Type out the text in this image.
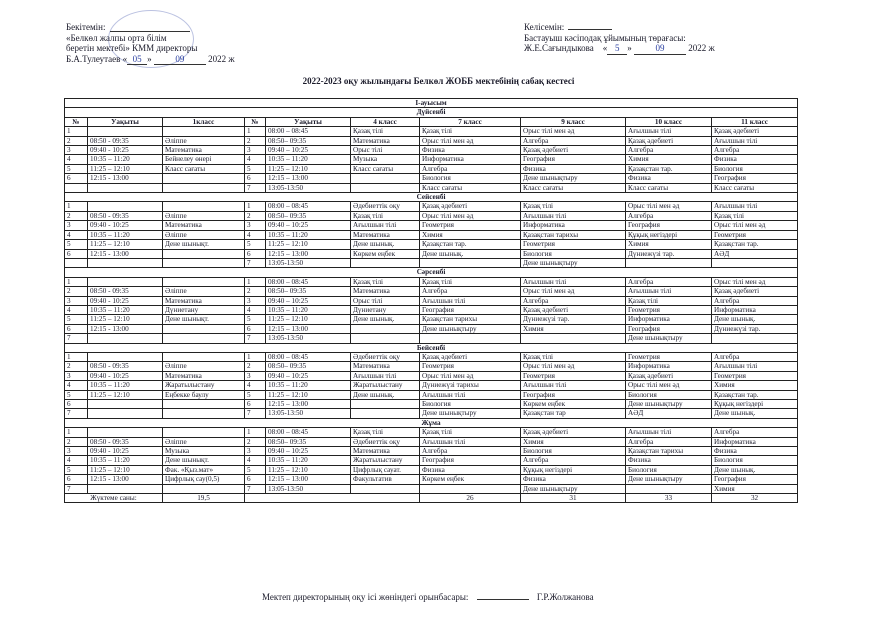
Бекітемін:
«Белкөл жалпы орта білім
беретін мектебі» КММ директоры
Б.А.Тулеутаев « 05 »	09	2022 ж
Келісемін:
Бастауыш кәсіподақ ұйымының төрағасы:
Ж.Е.Сағындыкова « 5 »	09	2022 ж
2022-2023 оқу жылындағы Белкөл ЖОББ мектебінің сабақ кестесі
І-ауысым										
Дүйсенбі										
№	Уақыты	1класс	№	Уақыты	4 класс	7 класс	9 класс	10 класс	11 класс	
1			1	08:00 – 08:45	Қазақ тілі	Қазақ тілі	Орыс тілі мен әд	Ағылшын тілі	Қазақ әдебиеті	
2	08:50 - 09:35	Әліппе	2	08:50– 09:35	Математика	Орыс тілі мен әд	Алгебра	Қазақ әдебиеті	Ағылшын тілі	
3	09:40 - 10:25	Математика	3	09:40 – 10:25	Орыс тілі	Физика	Қазақ әдебиеті	Алгебра	Алгебра	
4	10:35 – 11:20	Бейнелеу өнері	4	10:35 – 11:20	Музыка	Информатика	География	Химия	Физика	
5	11:25 – 12:10	Класс сағаты	5	11:25 – 12:10	Класс сағаты	Алгебра	Физика	Қазақстан тар.	Биология	
6	12:15 - 13:00		6	12:15 – 13:00		Биология	Дене шынықтыру	Физика	География	
			7	13:05-13:50		Класс сағаты	Класс сағаты	Класс сағаты	Класс сағаты	
Сейсенбі										
1			1	08:00 – 08:45	Әдебиеттік оқу	Қазақ әдебиеті	Қазақ тілі	Орыс тілі мен әд	Ағылшын тілі	
2	08:50 - 09:35	Әліппе	2	08:50– 09:35	Қазақ тілі	Орыс тілі мен әд	Ағылшын тілі	Алгебра	Қазақ тілі	
3	09:40 - 10:25	Математика	3	09:40 – 10:25	Ағылшын тілі	Геометрия	Информатика	География	Орыс тілі мен әд	
4	10:35 – 11:20	Әліппе	4	10:35 – 11:20	Математика	Химия	Қазақстан тарихы	Құқық негіздері	Геометрия	
5	11:25 – 12:10	Дене шынықт.	5	11:25 – 12:10	Дене шынық.	Қазақстан тар.	Геометрия	Химия	Қазақстан тар.	
6	12:15 - 13:00		6	12:15 – 13:00	Көркем еңбек	Дене шынық.	Биология	Дүниежүзі тар.	АӘД	
			7	13:05-13:50			Дене шынықтыру			
Сәрсенбі										
1			1	08:00 – 08:45	Қазақ тілі	Қазақ тілі	Ағылшын тілі	Алгебра	Орыс тілі мен әд	
2	08:50 - 09:35	Әліппе	2	08:50– 09:35	Математика	Алгебра	Орыс тілі мен әд	Ағылшын тілі	Қазақ әдебиеті	
3	09:40 - 10:25	Математика	3	09:40 – 10:25	Орыс тілі	Ағылшын тілі	Алгебра	Қазақ тілі	Алгебра	
4	10:35 – 11:20	Дүниетану	4	10:35 – 11:20	Дүниетану	География	Қазақ әдебиеті	Геометрия	Информатика	
5	11:25 – 12:10	Дене шынықт.	5	11:25 – 12:10	Дене шынық.	Қазақстан тарихы	Дүниежүзі тар.	Информатика	Дене шынық.	
6	12:15 - 13:00		6	12:15 – 13:00		Дене шынықтыру	Химия	География	Дүниежүзі тар.	
7			7	13:05-13:50				Дене шынықтыру		
Бейсенбі										
1			1	08:00 – 08:45	Әдебиеттік оқу	Қазақ әдебиеті	Қазақ тілі	Геометрия	Алгебра	
2	08:50 - 09:35	Әліппе	2	08:50– 09:35	Математика	Геометрия	Орыс тілі мен әд	Информатика	Ағылшын тілі	
3	09:40 - 10:25	Математика	3	09:40 – 10:25	Ағылшын тілі	Орыс тілі мен әд	Геометрия	Қазақ әдебиеті	Геометрия	
4	10:35 – 11:20	Жаратылыстану	4	10:35 – 11:20	Жаратылыстану	Дүниежүзі тарихы	Ағылшын тілі	Орыс тілі мен әд	Химия	
5	11:25 – 12:10	Еңбекке баулу	5	11:25 – 12:10	Дене шынық.	Ағылшын тілі	География	Биология	Қазақстан тар.	
6			6	12:15 – 13:00		Биология	Көркем еңбек	Дене шынықтыру	Құқық негіздері	
7			7	13:05-13:50		Дене шынықтыру	Қазақстан тар	АӘД	Дене шынық.	
Жұма										
1			1	08:00 – 08:45	Қазақ тілі	Қазақ тілі	Қазақ әдебиеті	Ағылшын тілі	Алгебра	
2	08:50 - 09:35	Әліппе	2	08:50– 09:35	Әдебиеттік оқу	Ағылшын тілі	Химия	Алгебра	Информатика	
3	09:40 - 10:25	Музыка	3	09:40 – 10:25	Математика	Алгебра	Биология	Қазақстан тарихы	Физика	
4	10:35 – 11:20	Дене шынықт.	4	10:35 – 11:20	Жаратылыстану	География	Алгебра	Физика	Биология	
5	11:25 – 12:10	Фак. «Қыз.мат»	5	11:25 – 12:10	Цифрлық сауат.	Физика	Құқық негіздері	Биология	Дене шынық.	
6	12:15 - 13:00	Цифрлық сау(0,5)	6	12:15 – 13:00	Факультатив	Көркем еңбек	Физика	Дене шынықтыру	География	
7			7	13:05-13:50			Дене шынықтыру		Химия	
Жүктеме саны:		19,5				26	31	33	32	
Мектеп директорының оқу ісі жөніндегі орынбасары:	Г.Р.Жолжанова
